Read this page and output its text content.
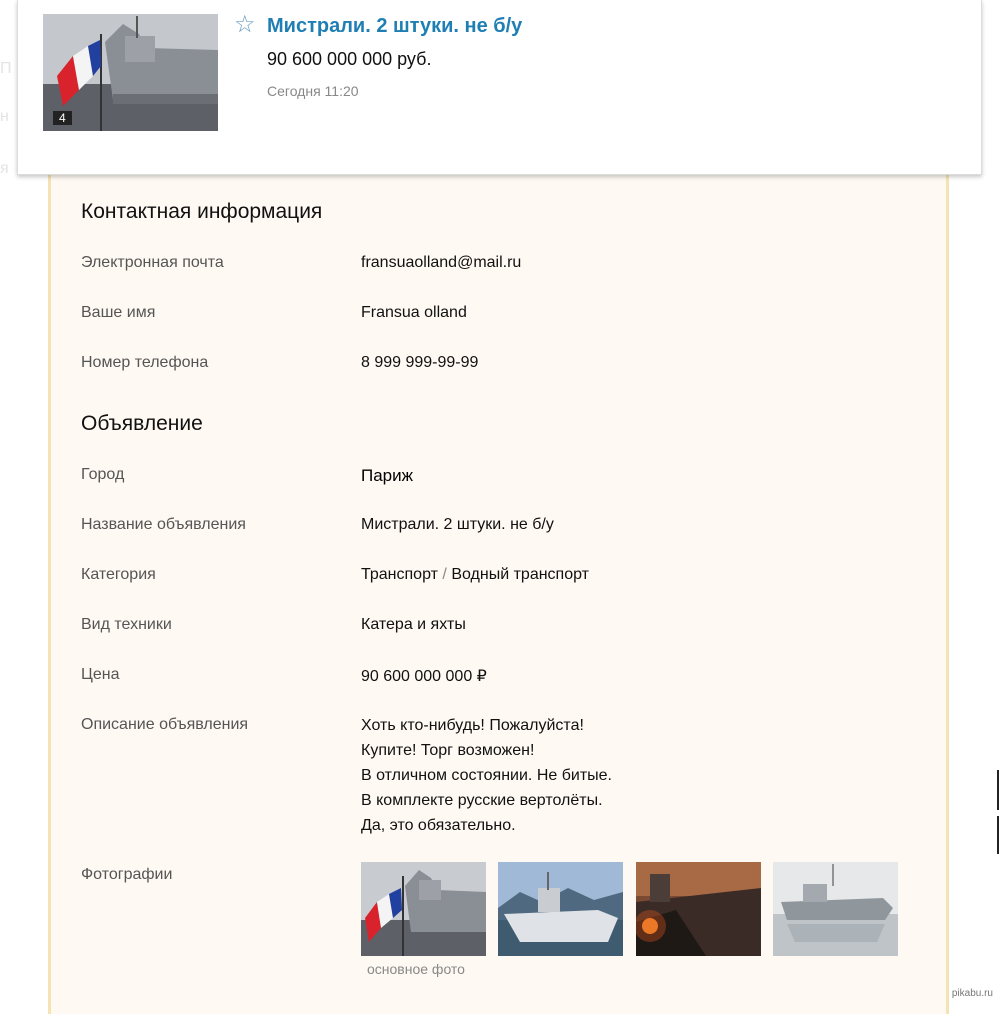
П
н
я
4
☆ Мистрали. 2 штуки. не б/у
90 600 000 000 руб.
Сегодня 11:20
Контактная информация
Электронная почта	fransuaolland@mail.ru
Ваше имя	Fransua olland
Номер телефона	8 999 999-99-99
Объявление
Город	Париж
Название объявления	Мистрали. 2 штуки. не б/у
Категория	Транспорт / Водный транспорт
Вид техники	Катера и яхты
Цена	90 600 000 000 ₽
Описание объявления	Хоть кто-нибудь! Пожалуйста!
Купите! Торг возможен!
В отличном состоянии. Не битые.
В комплекте русские вертолёты.
Да, это обязательно.
Фотографии
основное фото
pikabu.ru
